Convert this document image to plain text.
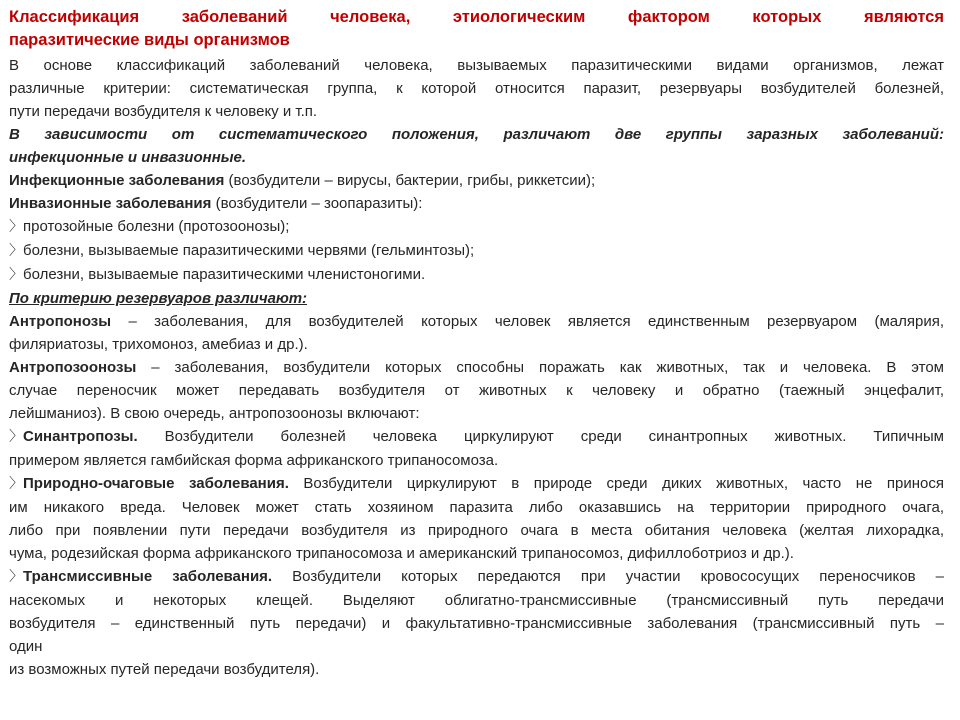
Классификация заболеваний человека, этиологическим фактором которых являются
паразитические виды организмов
В основе классификаций заболеваний человека, вызываемых паразитическими видами организмов, лежат
различные критерии: систематическая группа, к которой относится паразит, резервуары возбудителей болезней,
пути передачи возбудителя к человеку и т.п.
В зависимости от систематического положения, различают две группы заразных заболеваний:
инфекционные и инвазионные.
Инфекционные заболевания (возбудители – вирусы, бактерии, грибы, риккетсии);
Инвазионные заболевания (возбудители – зоопаразиты):
〉протозойные болезни (протозоонозы);
〉болезни, вызываемые паразитическими червями (гельминтозы);
〉болезни, вызываемые паразитическими членистоногими.
По критерию резервуаров различают:
Антропонозы – заболевания, для возбудителей которых человек является единственным резервуаром (малярия,
филяриатозы, трихомоноз, амебиаз и др.).
Антропозоонозы – заболевания, возбудители которых способны поражать как животных, так и человека. В этом
случае переносчик может передавать возбудителя от животных к человеку и обратно (таежный энцефалит,
лейшманиоз). В свою очередь, антропозоонозы включают:
〉Синантропозы. Возбудители болезней человека циркулируют среди синантропных животных. Типичным
примером является гамбийская форма африканского трипаносомоза.
〉Природно-очаговые заболевания. Возбудители циркулируют в природе среди диких животных, часто не принося
им никакого вреда. Человек может стать хозяином паразита либо оказавшись на территории природного очага,
либо при появлении пути передачи возбудителя из природного очага в места обитания человека (желтая лихорадка,
чума, родезийская форма африканского трипаносомоза и американский трипаносомоз, дифиллоботриоз и др.).
〉Трансмиссивные заболевания. Возбудители которых передаются при участии кровососущих переносчиков –
насекомых и некоторых клещей. Выделяют облигатно-трансмиссивные (трансмиссивный путь передачи
возбудителя – единственный путь передачи) и факультативно-трансмиссивные заболевания (трансмиссивный путь –
один
из возможных путей передачи возбудителя).
